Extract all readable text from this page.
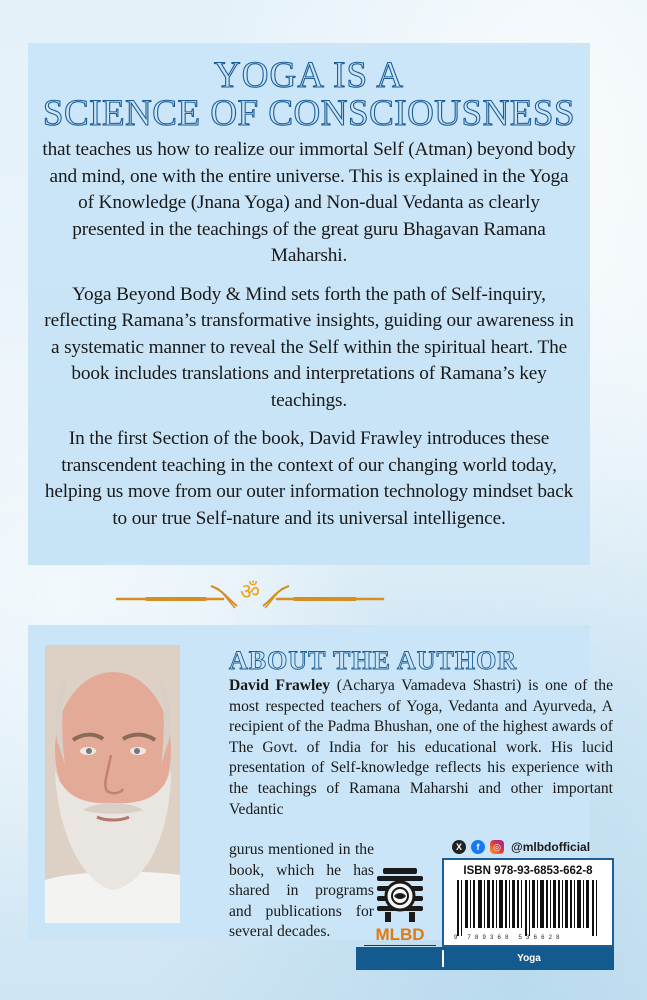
YOGA IS A
SCIENCE OF CONSCIOUSNESS

that teaches us how to realize our immortal Self (Atman) beyond body and mind, one with the entire universe. This is explained in the Yoga of Knowledge (Jnana Yoga) and Non-dual Vedanta as clearly presented in the teachings of the great guru Bhagavan Ramana Maharshi.

Yoga Beyond Body & Mind sets forth the path of Self-inquiry, reflecting Ramana’s transformative insights, guiding our awareness in a systematic manner to reveal the Self within the spiritual heart. The book includes translations and interpretations of Ramana’s key teachings.

In the first Section of the book, David Frawley introduces these transcendent teaching in the context of our changing world today, helping us move from our outer information technology mindset back to our true Self-nature and its universal intelligence.

ॐ
ABOUT THE AUTHOR

David Frawley (Acharya Vamadeva Shastri) is one of the most respected teachers of Yoga, Vedanta and Ayurveda, A recipient of the Padma Bhushan, one of the highest awards of The Govt. of India for his educational work. His lucid presentation of Self-knowledge reflects his experience with the teachings of Ramana Maharshi and other important Vedantic

gurus mentioned in the book, which he has shared in programs and publications for several decades.	MLBD
X	f	◎ @mlbdofficial
ISBN 978-93-6853-662-8
9 789368 536628
Yoga
